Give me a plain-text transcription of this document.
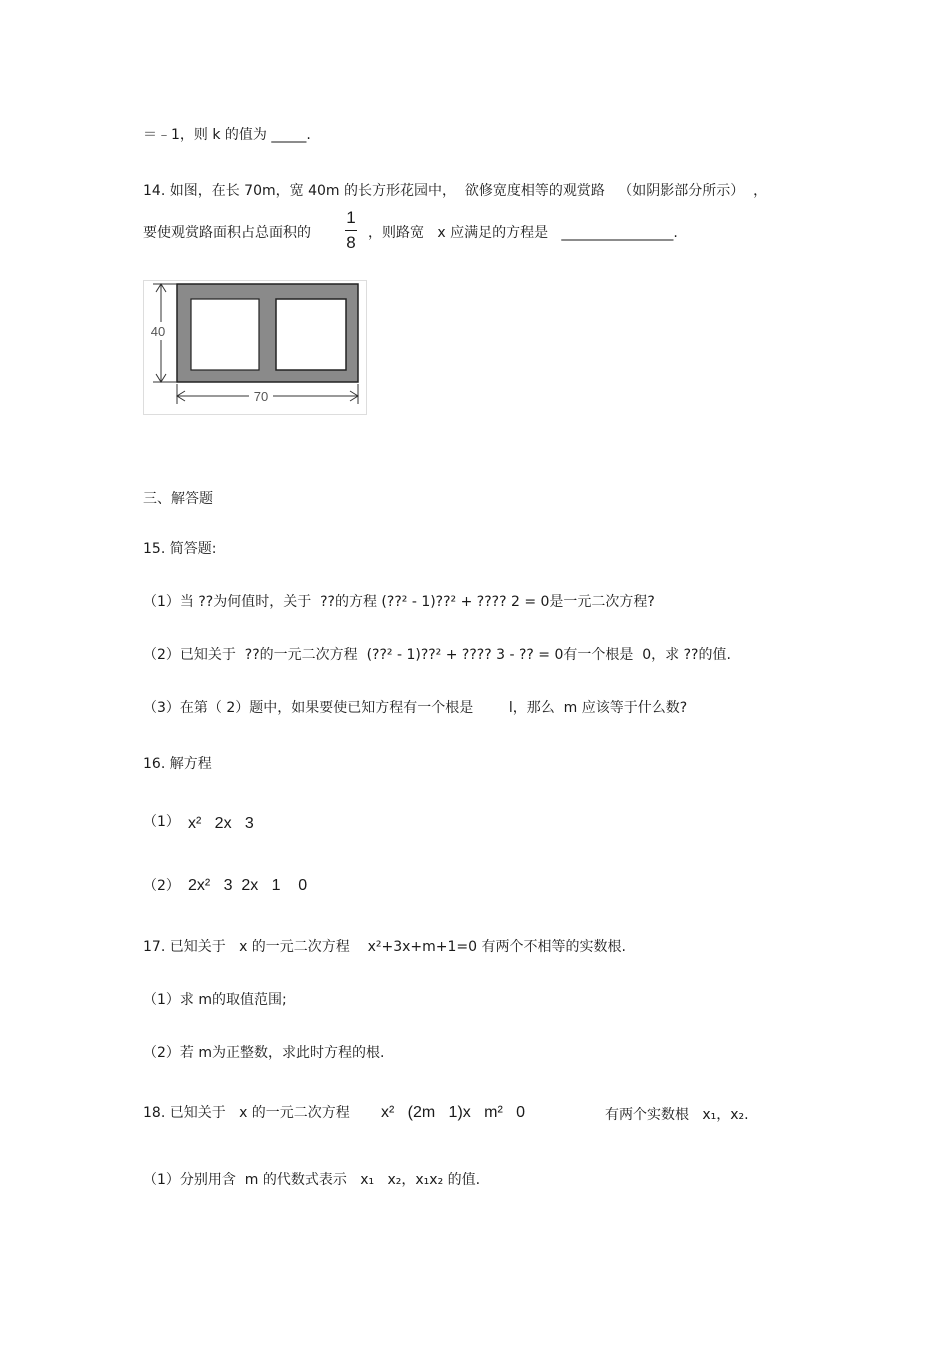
＝﹣1，则 k 的值为 _____.
14. 如图，在长 70m，宽 40m 的长方形花园中，  欲修宽度相等的观赏路   （如阴影部分所示）  ，
要使观赏路面积占总面积的
1
8 ，则路宽   x 应满足的方程是   ________________.
40
70
三、解答题
15. 简答题:
（1）当 ??为何值时，关于  ??的方程 (??² - 1)??² + ???? 2 = 0是一元二次方程?
（2）已知关于  ??的一元二次方程  (??² - 1)??² + ???? 3 - ?? = 0有一个根是  0，求 ??的值.
（3）在第（ 2）题中，如果要使已知方程有一个根是        l，那么  m 应该等于什么数?
16. 解方程
（1） x²   2x   3
（2） 2x²   3  2x   1    0
17. 已知关于   x 的一元二次方程    x²+3x+m+1=0 有两个不相等的实数根.
（1）求 m的取值范围;
（2）若 m为正整数，求此时方程的根.
18. 已知关于   x 的一元二次方程 x²   (2m   1)x   m²   0	有两个实数根   x₁，x₂.
（1）分别用含  m 的代数式表示   x₁   x₂，x₁x₂ 的值.
